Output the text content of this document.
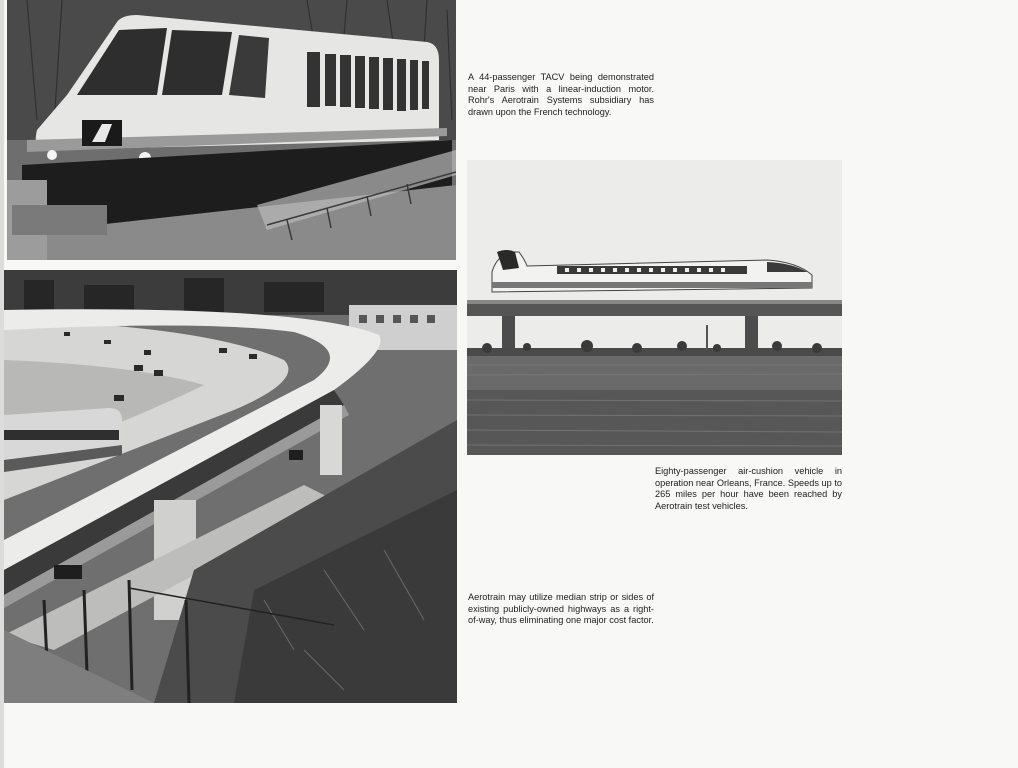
A 44-passenger TACV being demonstrated near Paris with a linear-induction motor. Rohr's Aerotrain Systems subsidiary has drawn upon the French technology.

Eighty-passenger air-cushion vehicle in operation near Orleans, France. Speeds up to 265 miles per hour have been reached by Aerotrain test vehicles.

Aerotrain may utilize median strip or sides of existing publicly-owned highways as a right-of-way, thus eliminating one major cost factor.
